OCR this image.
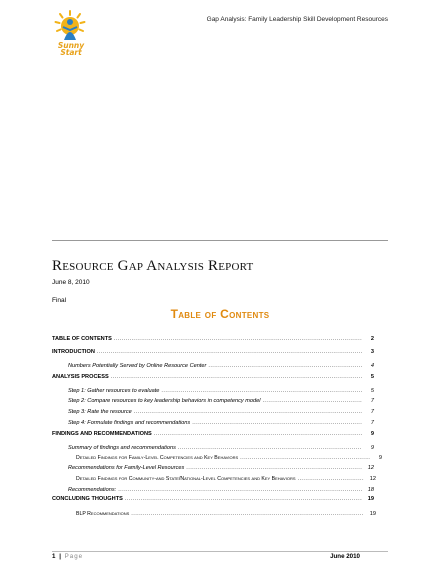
Sunny
Start
Gap Analysis: Family Leadership Skill Development Resources
Resource Gap Analysis Report
June 8, 2010
Final
Table of Contents
TABLE OF CONTENTS .....	2
INTRODUCTION .....	3
Numbers Potentially Served by Online Resource Center .....	4
ANALYSIS PROCESS .....	5
Step 1: Gather resources to evaluate .....	5
Step 2: Compare resources to key leadership behaviors in competency model .....	7
Step 3: Rate the resource .....	7
Step 4: Formulate findings and recommendations .....	7
FINDINGS AND RECOMMENDATIONS .....	9
Summary of findings and recommendations .....	9
Detailed Findings for Family-Level Competencies and Key Behaviors .....	9
Recommendations for Family-Level Resources .....	12
Detailed Findings for Community-and State/National-Level Competencies and Key Behaviors .....	12
Recommendations: .....	18
CONCLUDING THOUGHTS .....	19
BLP Recommendations .....	19
1 | Page	June 2010
